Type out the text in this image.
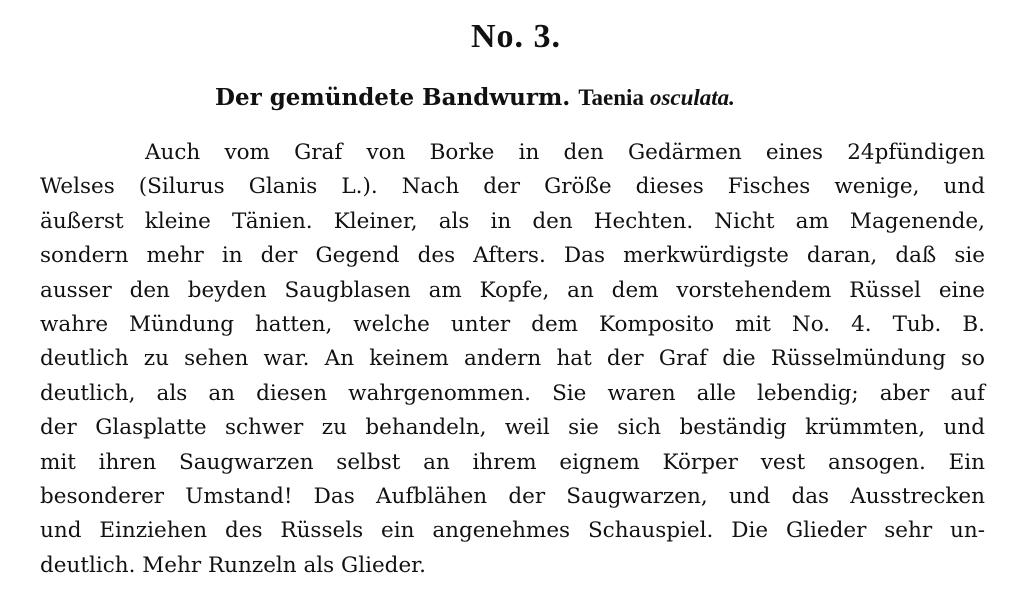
No. 3.
Der gemündete Bandwurm. Taenia osculata.
Auch vom Graf von Borke in den Gedärmen eines 24pfündigen
Welses (Silurus Glanis L.). Nach der Größe dieses Fisches wenige, und
äußerst kleine Tänien. Kleiner, als in den Hechten. Nicht am Magenende,
sondern mehr in der Gegend des Afters. Das merkwürdigste daran, daß sie
ausser den beyden Saugblasen am Kopfe, an dem vorstehendem Rüssel eine
wahre Mündung hatten, welche unter dem Komposito mit No. 4. Tub. B.
deutlich zu sehen war. An keinem andern hat der Graf die Rüsselmündung so
deutlich, als an diesen wahrgenommen. Sie waren alle lebendig; aber auf
der Glasplatte schwer zu behandeln, weil sie sich beständig krümmten, und
mit ihren Saugwarzen selbst an ihrem eignem Körper vest ansogen. Ein
besonderer Umstand! Das Aufblähen der Saugwarzen, und das Ausstrecken
und Einziehen des Rüssels ein angenehmes Schauspiel. Die Glieder sehr un-
deutlich. Mehr Runzeln als Glieder.
